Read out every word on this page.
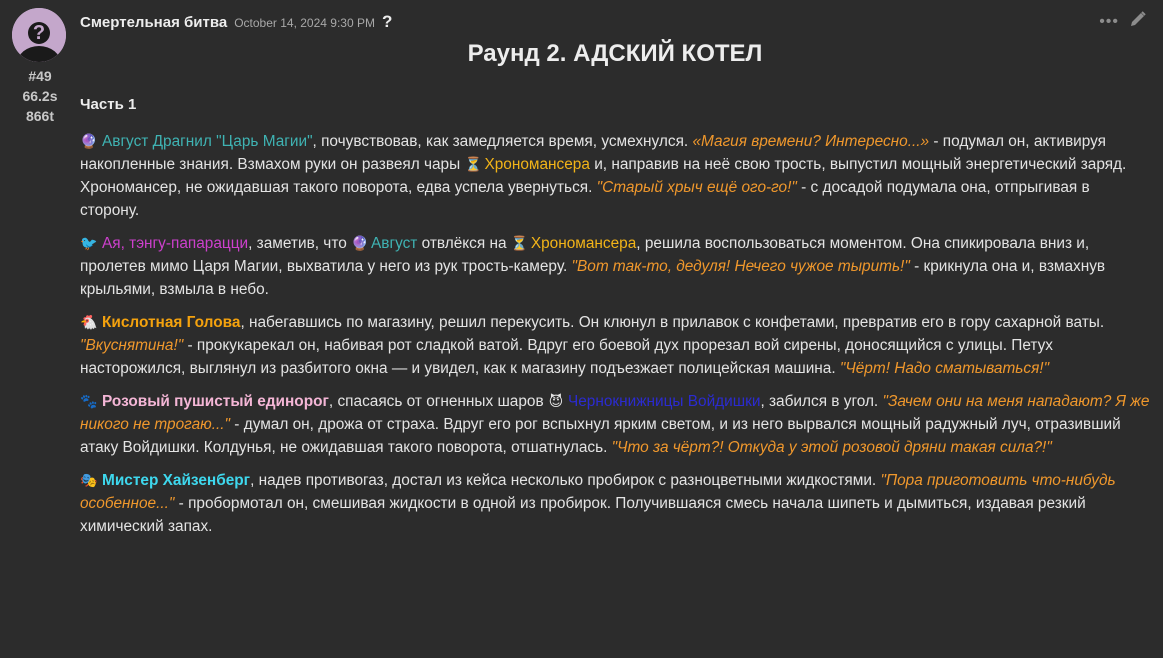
?
#49
66.2s
866t
Смертельная битва October 14, 2024 9:30 PM ?	•••
Раунд 2. АДСКИЙ КОТЕЛ
Часть 1

🔮 Август Драгнил "Царь Магии", почувствовав, как замедляется время, усмехнулся. «Магия времени? Интересно...» - подумал он, активируя накопленные знания. Взмахом руки он развеял чары ⏳ Хрономансера и, направив на неё свою трость, выпустил мощный энергетический заряд. Хрономансер, не ожидавшая такого поворота, едва успела увернуться. "Старый хрыч ещё ого-го!" - с досадой подумала она, отпрыгивая в сторону.

🐦 Ая, тэнгу-папарацци, заметив, что 🔮 Август отвлёкся на ⏳ Хрономансера, решила воспользоваться моментом. Она спикировала вниз и, пролетев мимо Царя Магии, выхватила у него из рук трость-камеру. "Вот так-то, дедуля! Нечего чужое тырить!" - крикнула она и, взмахнув крыльями, взмыла в небо.

🐔 Кислотная Голова, набегавшись по магазину, решил перекусить. Он клюнул в прилавок с конфетами, превратив его в гору сахарной ваты. "Вкуснятина!" - прокукарекал он, набивая рот сладкой ватой. Вдруг его боевой дух прорезал вой сирены, доносящийся с улицы. Петух насторожился, выглянул из разбитого окна — и увидел, как к магазину подъезжает полицейская машина. "Чёрт! Надо сматываться!"

🐾 Розовый пушистый единорог, спасаясь от огненных шаров 😈 Чернокнижницы Войдишки, забился в угол. "Зачем они на меня нападают? Я же никого не трогаю..." - думал он, дрожа от страха. Вдруг его рог вспыхнул ярким светом, и из него вырвался мощный радужный луч, отразивший атаку Войдишки. Колдунья, не ожидавшая такого поворота, отшатнулась. "Что за чёрт?! Откуда у этой розовой дряни такая сила?!"

🎭 Мистер Хайзенберг, надев противогаз, достал из кейса несколько пробирок с разноцветными жидкостями. "Пора приготовить что-нибудь особенное..." - пробормотал он, смешивая жидкости в одной из пробирок. Получившаяся смесь начала шипеть и дымиться, издавая резкий химический запах.
